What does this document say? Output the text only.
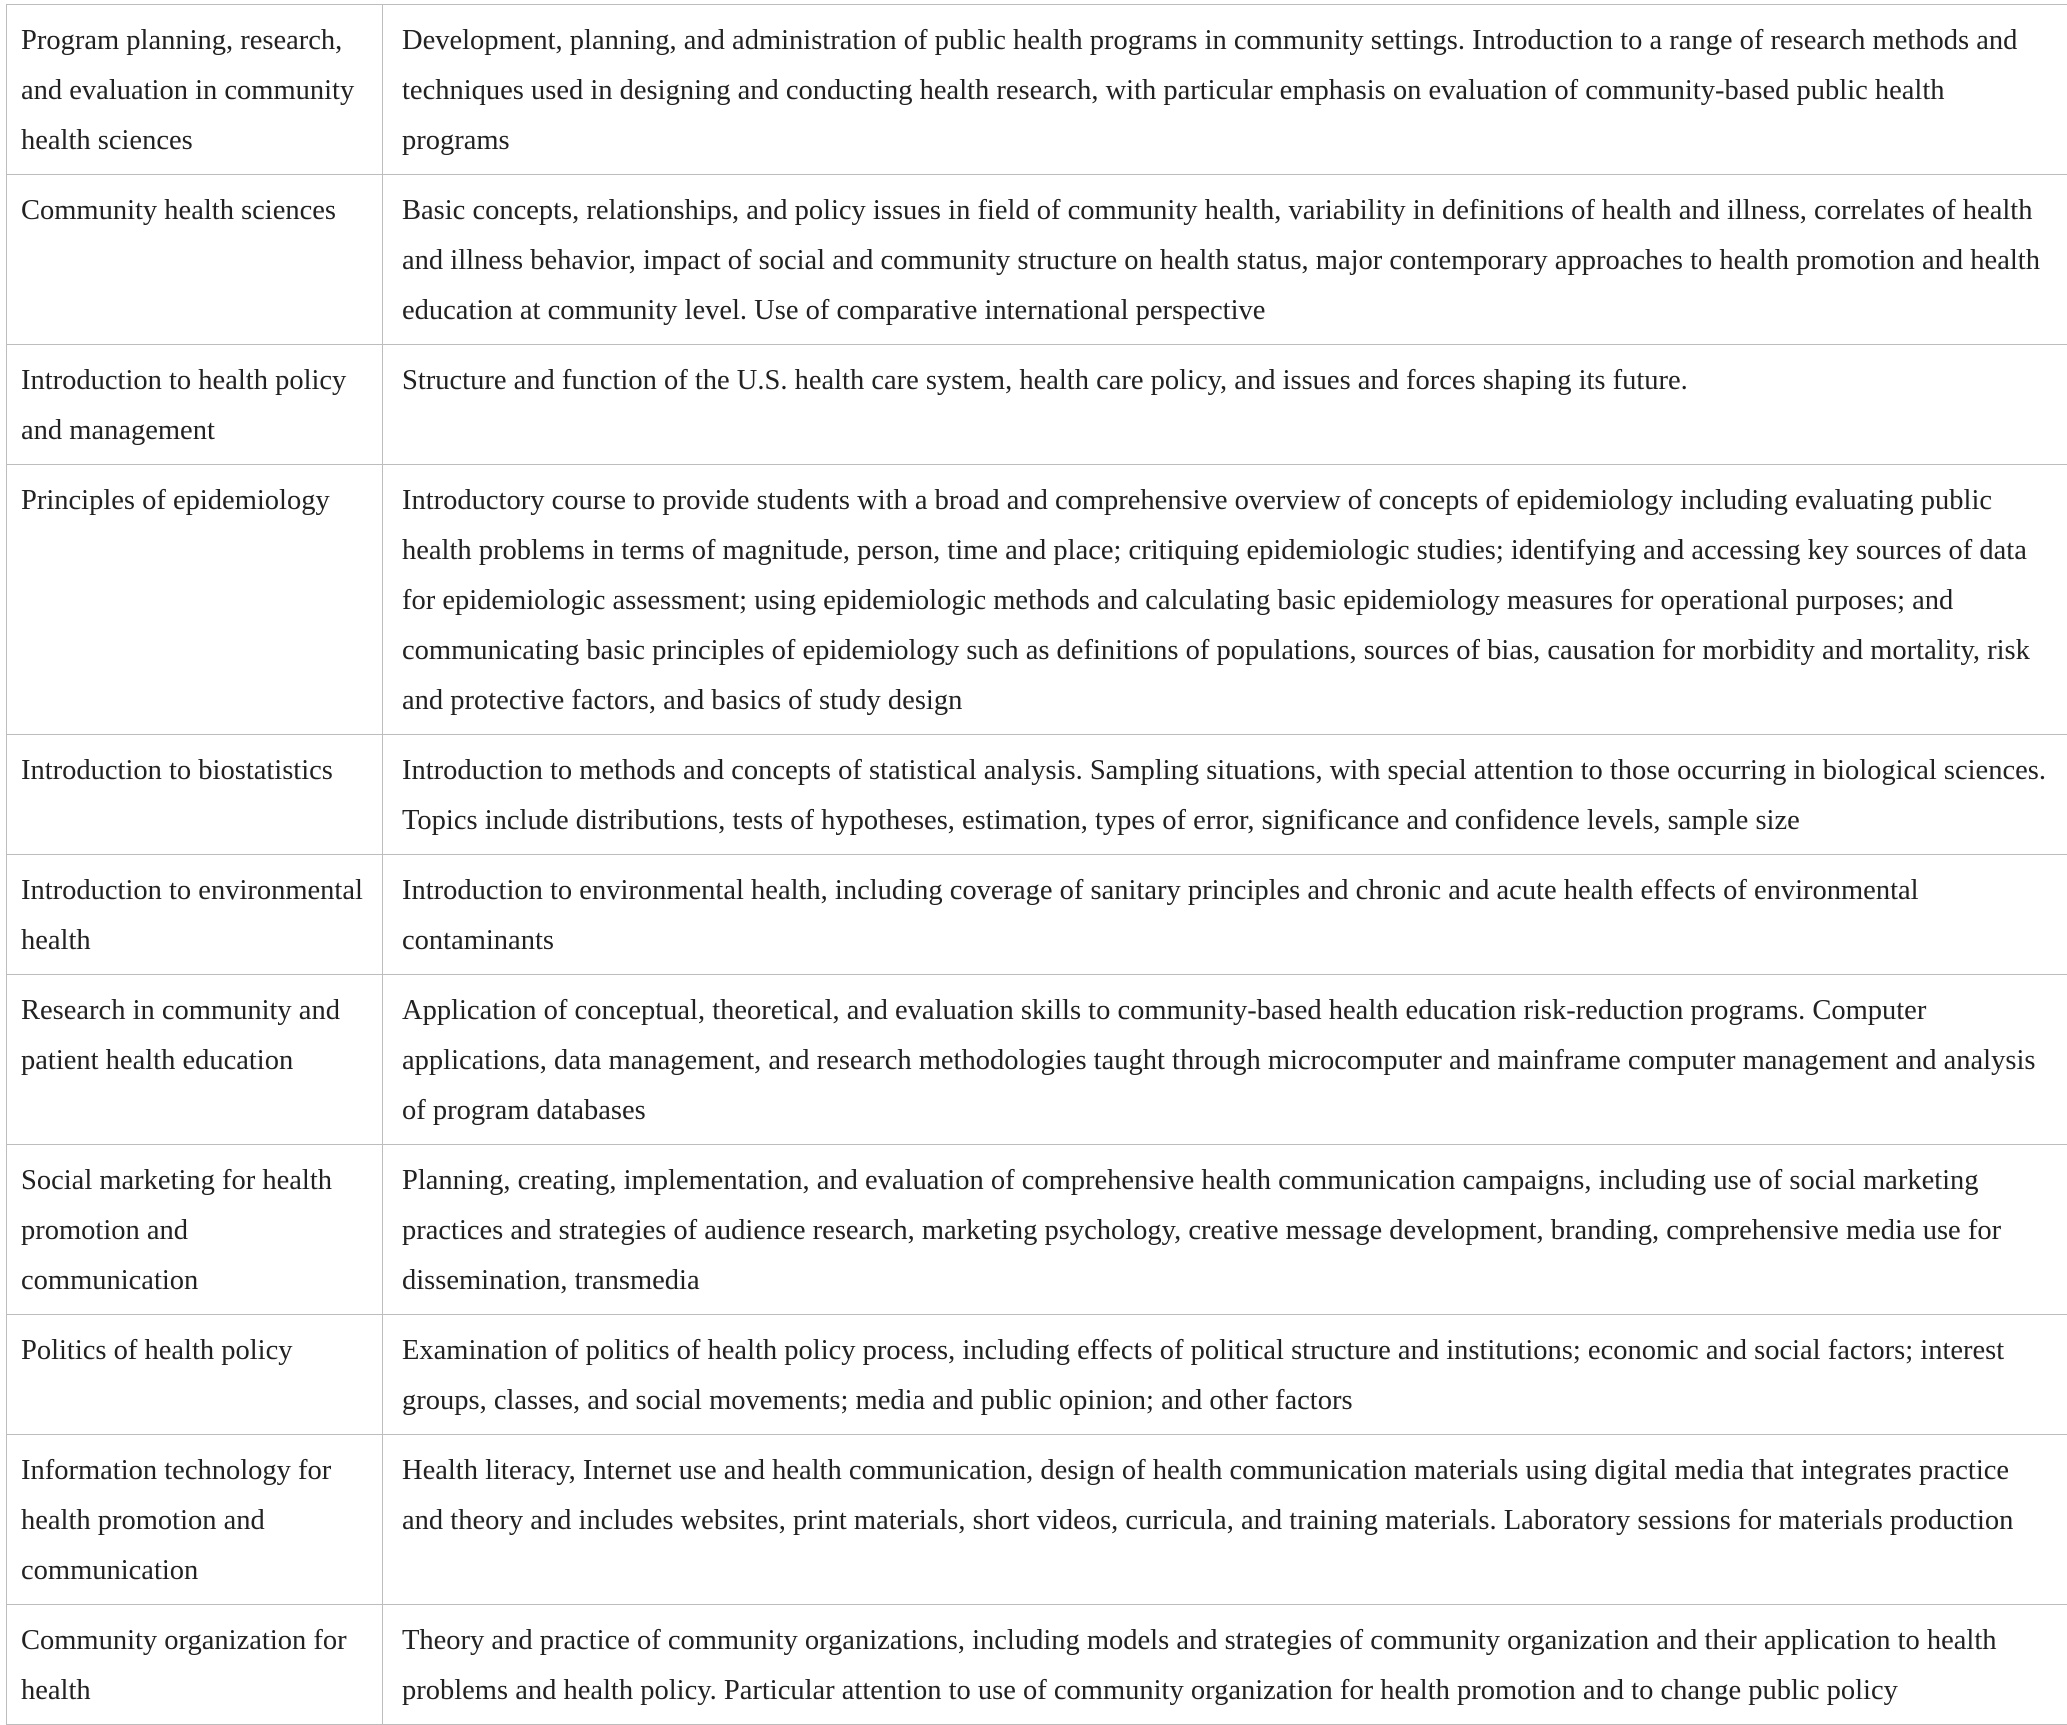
Program planning, research, and evaluation in community health sciences	Development, planning, and administration of public health programs in community settings. Introduction to a range of research methods and techniques used in designing and conducting health research, with particular emphasis on evaluation of community-based public health programs
Community health sciences	Basic concepts, relationships, and policy issues in field of community health, variability in definitions of health and illness, correlates of health and illness behavior, impact of social and community structure on health status, major contemporary approaches to health promotion and health education at community level. Use of comparative international perspective
Introduction to health policy and management	Structure and function of the U.S. health care system, health care policy, and issues and forces shaping its future.
Principles of epidemiology	Introductory course to provide students with a broad and comprehensive overview of concepts of epidemiology including evaluating public health problems in terms of magnitude, person, time and place; critiquing epidemiologic studies; identifying and accessing key sources of data for epidemiologic assessment; using epidemiologic methods and calculating basic epidemiology measures for operational purposes; and communicating basic principles of epidemiology such as definitions of populations, sources of bias, causation for morbidity and mortality, risk and protective factors, and basics of study design
Introduction to biostatistics	Introduction to methods and concepts of statistical analysis. Sampling situations, with special attention to those occurring in biological sciences. Topics include distributions, tests of hypotheses, estimation, types of error, significance and confidence levels, sample size
Introduction to environmental health	Introduction to environmental health, including coverage of sanitary principles and chronic and acute health effects of environmental contaminants
Research in community and patient health education	Application of conceptual, theoretical, and evaluation skills to community-based health education risk-reduction programs. Computer applications, data management, and research methodologies taught through microcomputer and mainframe computer management and analysis of program databases
Social marketing for health promotion and communication	Planning, creating, implementation, and evaluation of comprehensive health communication campaigns, including use of social marketing practices and strategies of audience research, marketing psychology, creative message development, branding, comprehensive media use for dissemination, transmedia
Politics of health policy	Examination of politics of health policy process, including effects of political structure and institutions; economic and social factors; interest groups, classes, and social movements; media and public opinion; and other factors
Information technology for health promotion and communication	Health literacy, Internet use and health communication, design of health communication materials using digital media that integrates practice and theory and includes websites, print materials, short videos, curricula, and training materials. Laboratory sessions for materials production
Community organization for health	Theory and practice of community organizations, including models and strategies of community organization and their application to health problems and health policy. Particular attention to use of community organization for health promotion and to change public policy
